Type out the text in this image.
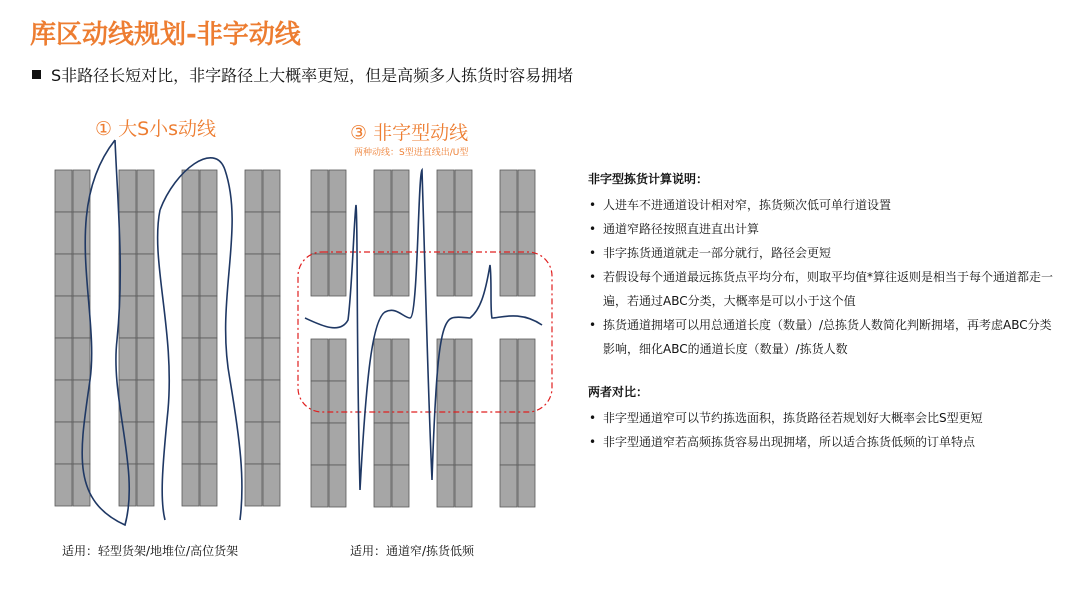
库区动线规划-非字动线
S非路径长短对比，非字路径上大概率更短，但是高频多人拣货时容易拥堵
① 大S小s动线	③ 非字型动线
两种动线：S型进直线出/U型
适用：轻型货架/地堆位/高位货架	适用：通道窄/拣货低频
非字型拣货计算说明：
• 人进车不进通道设计相对窄，拣货频次低可单行道设置
• 通道窄路径按照直进直出计算
• 非字拣货通道就走一部分就行，路径会更短
• 若假设每个通道最远拣货点平均分布，则取平均值*算往返则是相当于每个通道都走一遍，若通过ABC分类，大概率是可以小于这个值
• 拣货通道拥堵可以用总通道长度（数量）/总拣货人数简化判断拥堵，再考虑ABC分类影响，细化ABC的通道长度（数量）/拣货人数
两者对比：
• 非字型通道窄可以节约拣选面积，拣货路径若规划好大概率会比S型更短
• 非字型通道窄若高频拣货容易出现拥堵，所以适合拣货低频的订单特点
